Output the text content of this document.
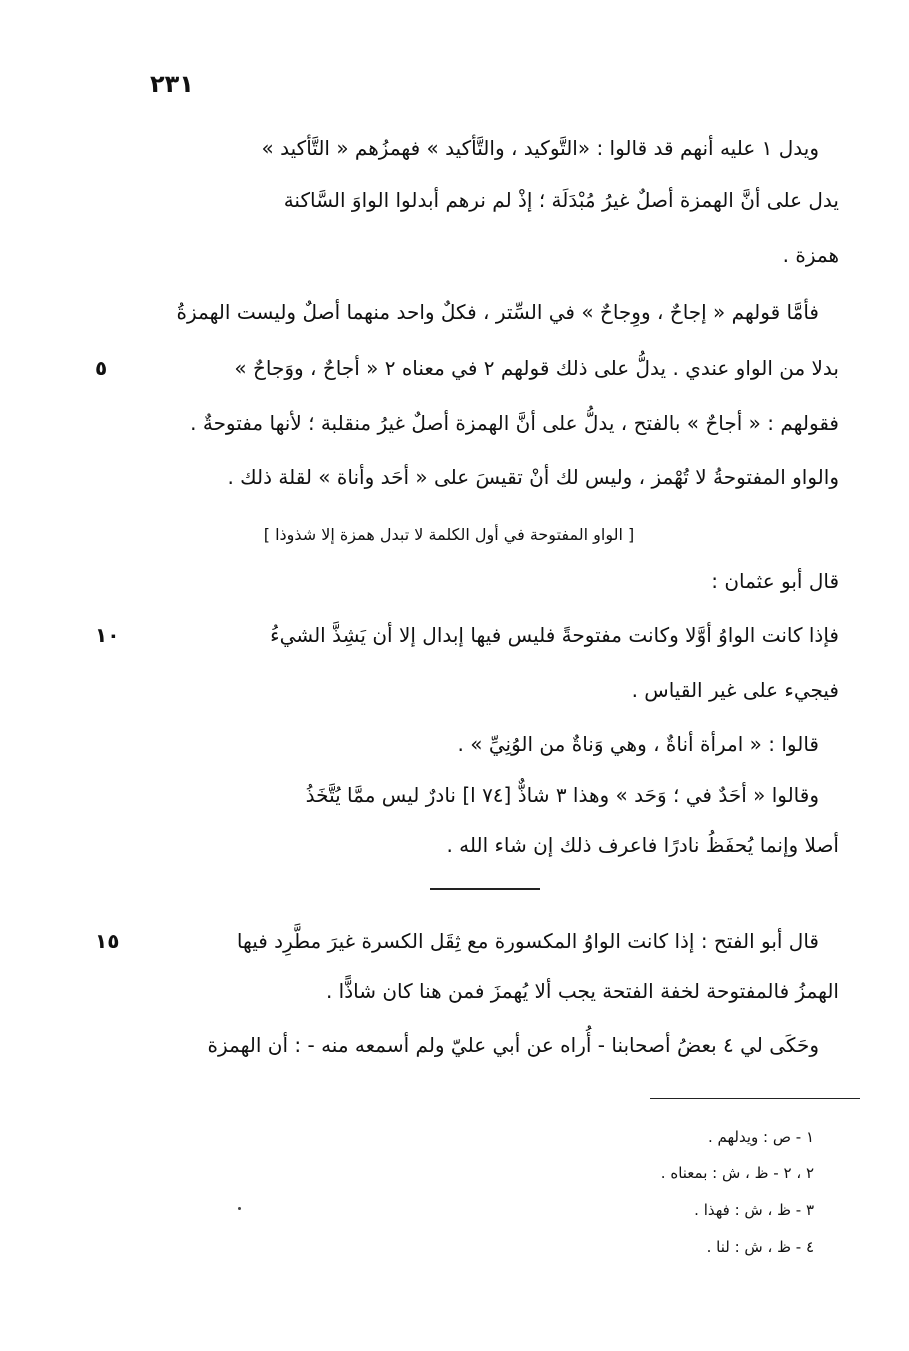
٢٣١
ويدل ١ عليه أنهم قد قالوا : «التَّوكيد ، والتَّأكيد » فهمزُهم « التَّأكيد »
يدل على أنَّ الهمزة أصلٌ غيرُ مُبْدَلَة ؛ إذْ لم نرهم أبدلوا الواوَ السَّاكنة
همزة .
فأمَّا قولهم « إجاحٌ ، ووِجاحٌ » في السِّتر ، فكلٌ واحد منهما أصلٌ وليست الهمزةُ
بدلا من الواو عندي . يدلُّ على ذلك قولهم ٢ في معناه ٢ « أجاحٌ ، ووَجاحٌ »
٥
فقولهم : « أجاحٌ » بالفتح ، يدلُّ على أنَّ الهمزة أصلٌ غيرُ منقلبة ؛ لأنها مفتوحةٌ .
والواو المفتوحةُ لا تُهْمز ، وليس لك أنْ تقيسَ على « أحَد وأناة » لقلة ذلك .
[ الواو المفتوحة في أول الكلمة لا تبدل همزة إلا شذوذا ]
قال أبو عثمان :
فإذا كانت الواوُ أوَّلا وكانت مفتوحةً فليس فيها إبدال إلا أن يَشِذَّ الشيءُ
١٠
فيجيء على غير القياس .
قالوا : « امرأة أناةٌ ، وهي وَناةٌ من الوُنِيِّ » .
وقالوا « أحَدٌ في ؛ وَحَد » وهذا ٣ شاذٌّ [٧٤ ا] نادرٌ ليس ممَّا يُتَّخَذُ
أصلا وإنما يُحفَظُ نادرًا فاعرف ذلك إن شاء الله .
قال أبو الفتح : إذا كانت الواوُ المكسورة مع ثِقَل الكسرة غيرَ مطَّرِد فيها
١٥
الهمزُ فالمفتوحة لخفة الفتحة يجب ألا يُهمزَ فمن هنا كان شاذًّا .
وحَكَى لي ٤ بعضُ أصحابنا - أُراه عن أبي عليّ ولم أسمعه منه - : أن الهمزة
١ - ص : ويدلهم .
٢ ، ٢ - ظ ، ش : بمعناه .
٣ - ظ ، ش : فهذا .
٤ - ظ ، ش : لنا .
